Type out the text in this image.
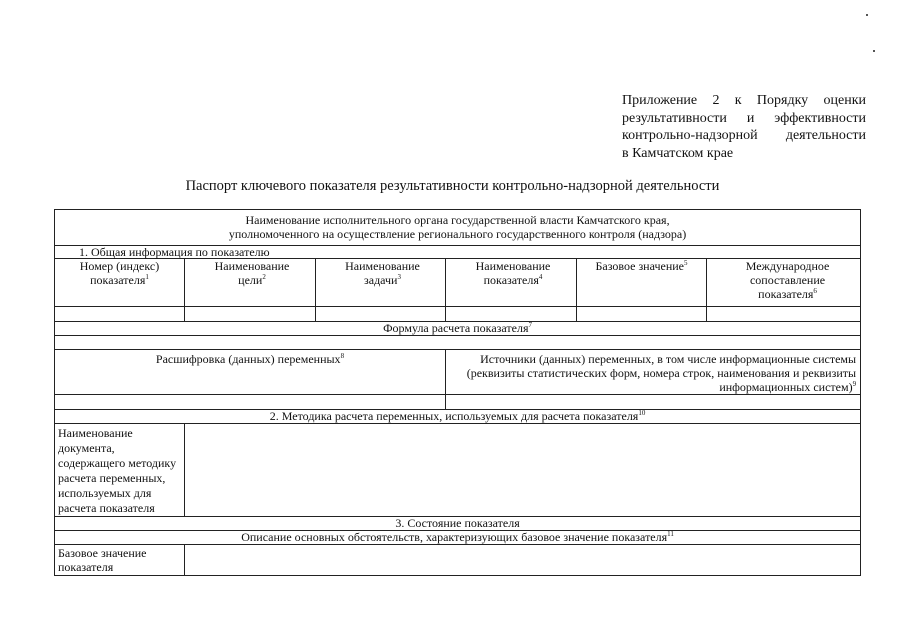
Приложение 2 к Порядку оценки
результативности и эффективности
контрольно-надзорной деятельности
в Камчатском крае
Паспорт ключевого показателя результативности контрольно-надзорной деятельности
Наименование исполнительного органа государственной власти Камчатского края,
уполномоченного на осуществление регионального государственного контроля (надзора)					

1. Общая информация по показателю					
Номер (индекс) показателя$^1$	Наименование цели$^2$	Наименование задачи$^3$	Наименование показателя$^4$	Базовое значение$^5$	Международное сопоставление показателя$^6$

Формула расчета показателя$^7$

Расшифровка (данных) переменных$^8$			Источники (данных) переменных, в том числе информационные системы (реквизиты статистических форм, номера строк, наименования и реквизиты информационных систем)$^9$

2. Методика расчета переменных, используемых для расчета показателя$^{10}$
Наименование документа, содержащего методику расчета переменных, используемых для расчета показателя					
3. Состояние показателя					
Описание основных обстоятельств, характеризующих базовое значение показателя$^{11}$
Базовое значение показателя					
